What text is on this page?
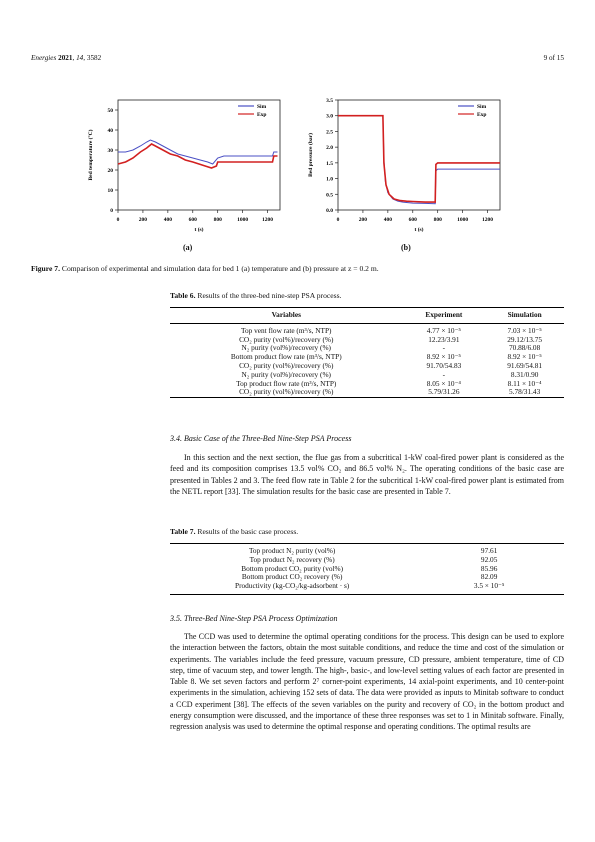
Energies 2021, 14, 3582	9 of 15
0	200	400	600	800	1000	1200
0
10
20
30
40
50
t (s)
Bed temperature (°C)
Sim
Exp
0	200	400	600	800	1000	1200
0.0
0.5
1.0
1.5
2.0
2.5
3.0
3.5
t (s)
Bed pressure (bar)
Sim
Exp
(a)	(b)
Figure 7. Comparison of experimental and simulation data for bed 1 (a) temperature and (b) pressure at z = 0.2 m.
Table 6. Results of the three-bed nine-step PSA process.
Variables	Experiment	Simulation
Top vent flow rate (m³/s, NTP)	4.77 × 10⁻⁵	7.03 × 10⁻⁵
CO₂ purity (vol%)/recovery (%)	12.23/3.91	29.12/13.75
N₂ purity (vol%)/recovery (%)	-	70.88/6.08
Bottom product flow rate (m³/s, NTP)	8.92 × 10⁻⁵	8.92 × 10⁻⁵
CO₂ purity (vol%)/recovery (%)	91.70/54.83	91.69/54.81
N₂ purity (vol%)/recovery (%)	-	8.31/0.90
Top product flow rate (m³/s, NTP)	8.05 × 10⁻⁴	8.11 × 10⁻⁴
CO₂ purity (vol%)/recovery (%)	5.79/31.26	5.78/31.43
3.4. Basic Case of the Three-Bed Nine-Step PSA Process

In this section and the next section, the flue gas from a subcritical 1-kW coal-fired power plant is considered as the feed and its composition comprises 13.5 vol% CO₂ and 86.5 vol% N₂. The operating conditions of the basic case are presented in Tables 2 and 3. The feed flow rate in Table 2 for the subcritical 1-kW coal-fired power plant is estimated from the NETL report [33]. The simulation results for the basic case are presented in Table 7.

Table 7. Results of the basic case process.
Top product N₂ purity (vol%)	97.61
Top product N₂ recovery (%)	92.05
Bottom product CO₂ purity (vol%)	85.96
Bottom product CO₂ recovery (%)	82.09
Productivity (kg-CO₂/kg-adsorbent · s)	3.5 × 10⁻⁵
3.5. Three-Bed Nine-Step PSA Process Optimization

The CCD was used to determine the optimal operating conditions for the process. This design can be used to explore the interaction between the factors, obtain the most suitable conditions, and reduce the time and cost of the simulation or experiments. The variables include the feed pressure, vacuum pressure, CD pressure, ambient temperature, time of CD step, time of vacuum step, and tower length. The high-, basic-, and low-level setting values of each factor are presented in Table 8. We set seven factors and perform 2⁷ corner-point experiments, 14 axial-point experiments, and 10 center-point experiments in the simulation, achieving 152 sets of data. The data were provided as inputs to Minitab software to conduct a CCD experiment [38]. The effects of the seven variables on the purity and recovery of CO₂ in the bottom product and energy consumption were discussed, and the importance of these three responses was set to 1 in Minitab software. Finally, regression analysis was used to determine the optimal response and operating conditions. The optimal results are
